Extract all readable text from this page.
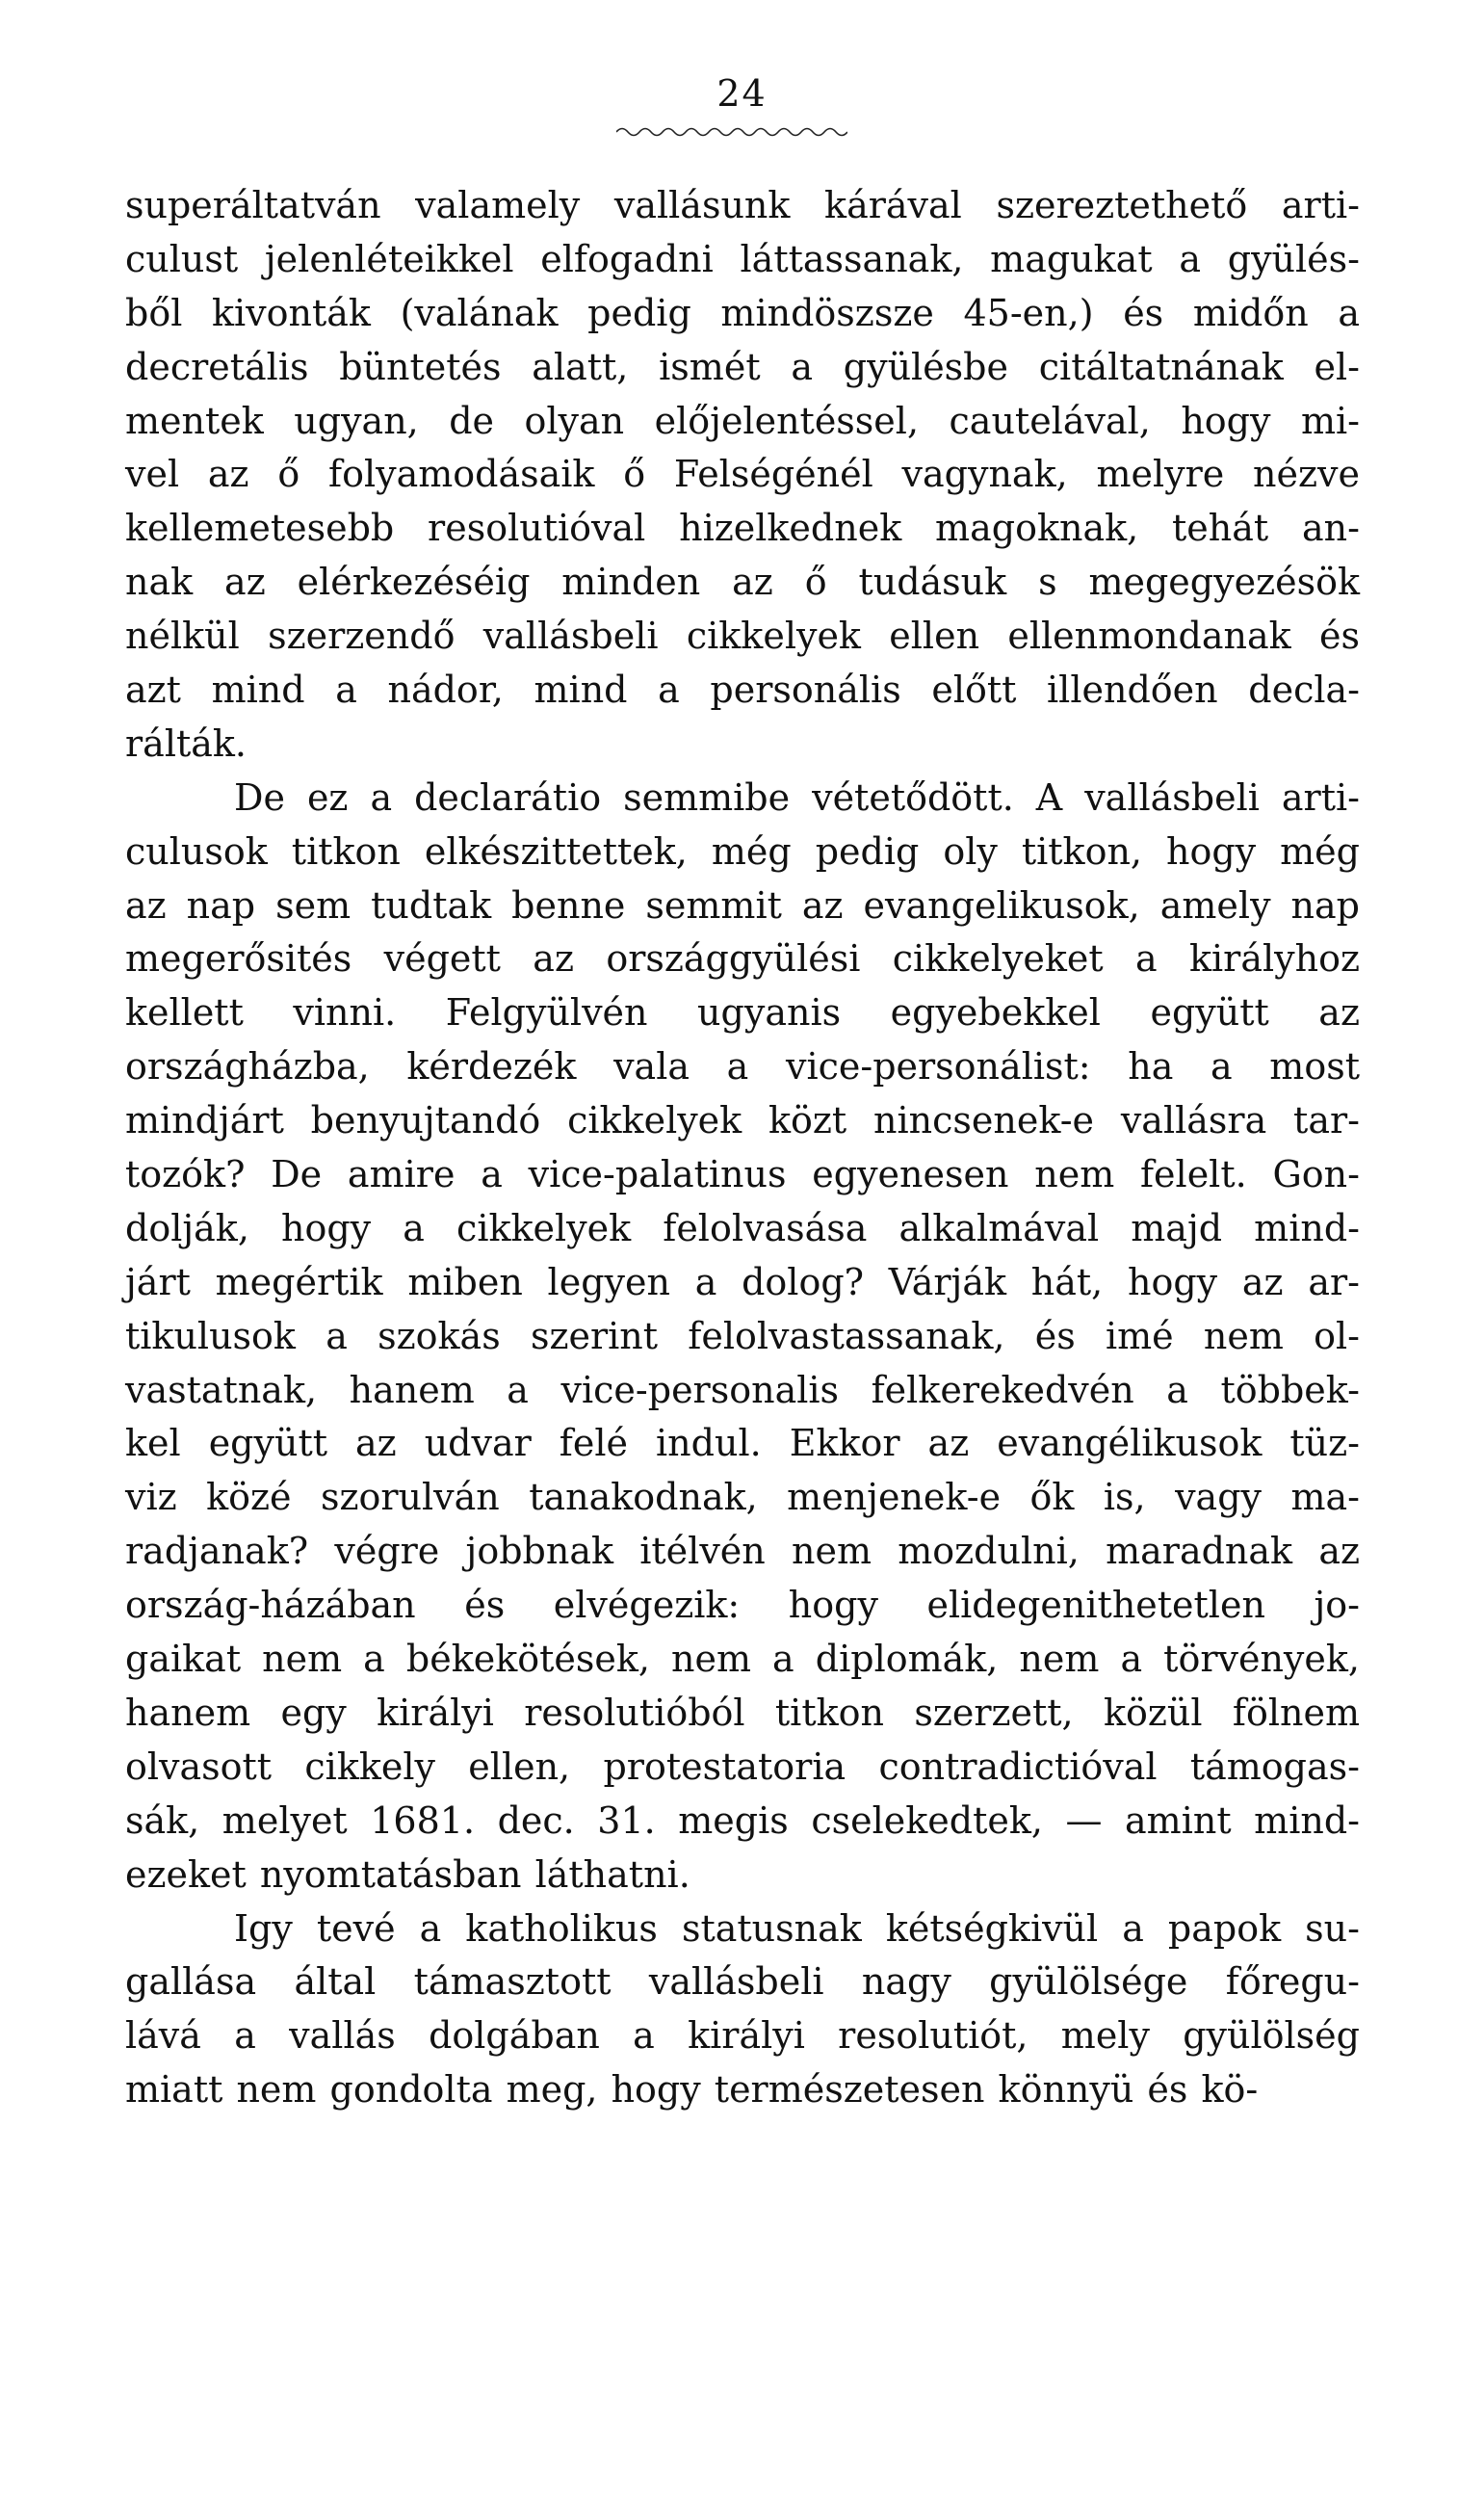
24
superáltatván valamely vallásunk kárával szereztethető arti-
culust jelenléteikkel elfogadni láttassanak, magukat a gyülés-
ből kivonták (valának pedig mindöszsze 45-en,) és midőn a
decretális büntetés alatt, ismét a gyülésbe citáltatnának el-
mentek ugyan, de olyan előjelentéssel, cautelával, hogy mi-
vel az ő folyamodásaik ő Felségénél vagynak, melyre nézve
kellemetesebb resolutióval hizelkednek magoknak, tehát an-
nak az elérkezéséig minden az ő tudásuk s megegyezésök
nélkül szerzendő vallásbeli cikkelyek ellen ellenmondanak és
azt mind a nádor, mind a personális előtt illendően decla-
rálták.
De ez a declarátio semmibe vétetődött. A vallásbeli arti-
culusok titkon elkészittettek, még pedig oly titkon, hogy még
az nap sem tudtak benne semmit az evangelikusok, amely nap
megerősités végett az országgyülési cikkelyeket a királyhoz
kellett vinni. Felgyülvén ugyanis egyebekkel együtt az
országházba, kérdezék vala a vice-personálist: ha a most
mindjárt benyujtandó cikkelyek közt nincsenek-e vallásra tar-
tozók? De amire a vice-palatinus egyenesen nem felelt. Gon-
dolják, hogy a cikkelyek felolvasása alkalmával majd mind-
járt megértik miben legyen a dolog? Várják hát, hogy az ar-
tikulusok a szokás szerint felolvastassanak, és imé nem ol-
vastatnak, hanem a vice-personalis felkerekedvén a többek-
kel együtt az udvar felé indul. Ekkor az evangélikusok tüz-
viz közé szorulván tanakodnak, menjenek-e ők is, vagy ma-
radjanak? végre jobbnak itélvén nem mozdulni, maradnak az
ország-házában és elvégezik: hogy elidegenithetetlen jo-
gaikat nem a békekötések, nem a diplomák, nem a törvények,
hanem egy királyi resolutióból titkon szerzett, közül fölnem
olvasott cikkely ellen, protestatoria contradictióval támogas-
sák, melyet 1681. dec. 31. megis cselekedtek, — amint mind-
ezeket nyomtatásban láthatni.
Igy tevé a katholikus statusnak kétségkivül a papok su-
gallása által támasztott vallásbeli nagy gyülölsége főregu-
lává a vallás dolgában a királyi resolutiót, mely gyülölség
miatt nem gondolta meg, hogy természetesen könnyü és kö-
